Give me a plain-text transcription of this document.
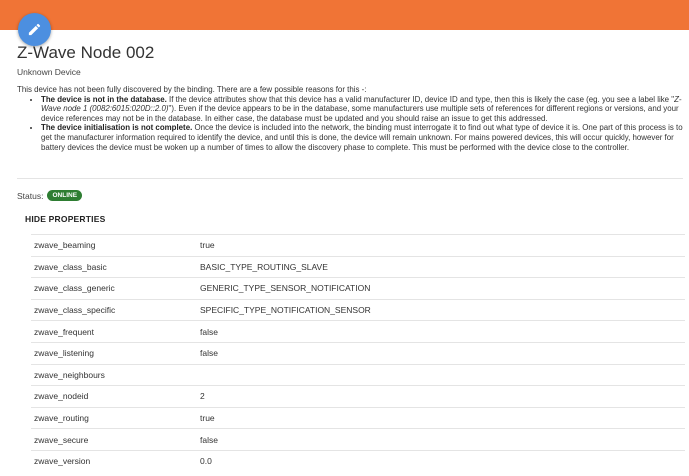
Z-Wave Node 002
Unknown Device

This device has not been fully discovered by the binding. There are a few possible reasons for this -:

• The device is not in the database. If the device attributes show that this device has a valid manufacturer ID, device ID and type, then this is likely the case (eg. you see a label like "Z-Wave node 1 (0082:6015:020D::2.0)"). Even if the device appears to be in the database, some manufacturers use multiple sets of references for different regions or versions, and your device references may not be in the database. In either case, the database must be updated and you should raise an issue to get this addressed.
• The device initialisation is not complete. Once the device is included into the network, the binding must interrogate it to find out what type of device it is. One part of this process is to get the manufacturer information required to identify the device, and until this is done, the device will remain unknown. For mains powered devices, this will occur quickly, however for battery devices the device must be woken up a number of times to allow the discovery phase to complete. This must be performed with the device close to the controller.
Status:	ONLINE
HIDE PROPERTIES
zwave_beaming	true
zwave_class_basic	BASIC_TYPE_ROUTING_SLAVE
zwave_class_generic	GENERIC_TYPE_SENSOR_NOTIFICATION
zwave_class_specific	SPECIFIC_TYPE_NOTIFICATION_SENSOR
zwave_frequent	false
zwave_listening	false
zwave_neighbours	
zwave_nodeid	2
zwave_routing	true
zwave_secure	false
zwave_version	0.0
